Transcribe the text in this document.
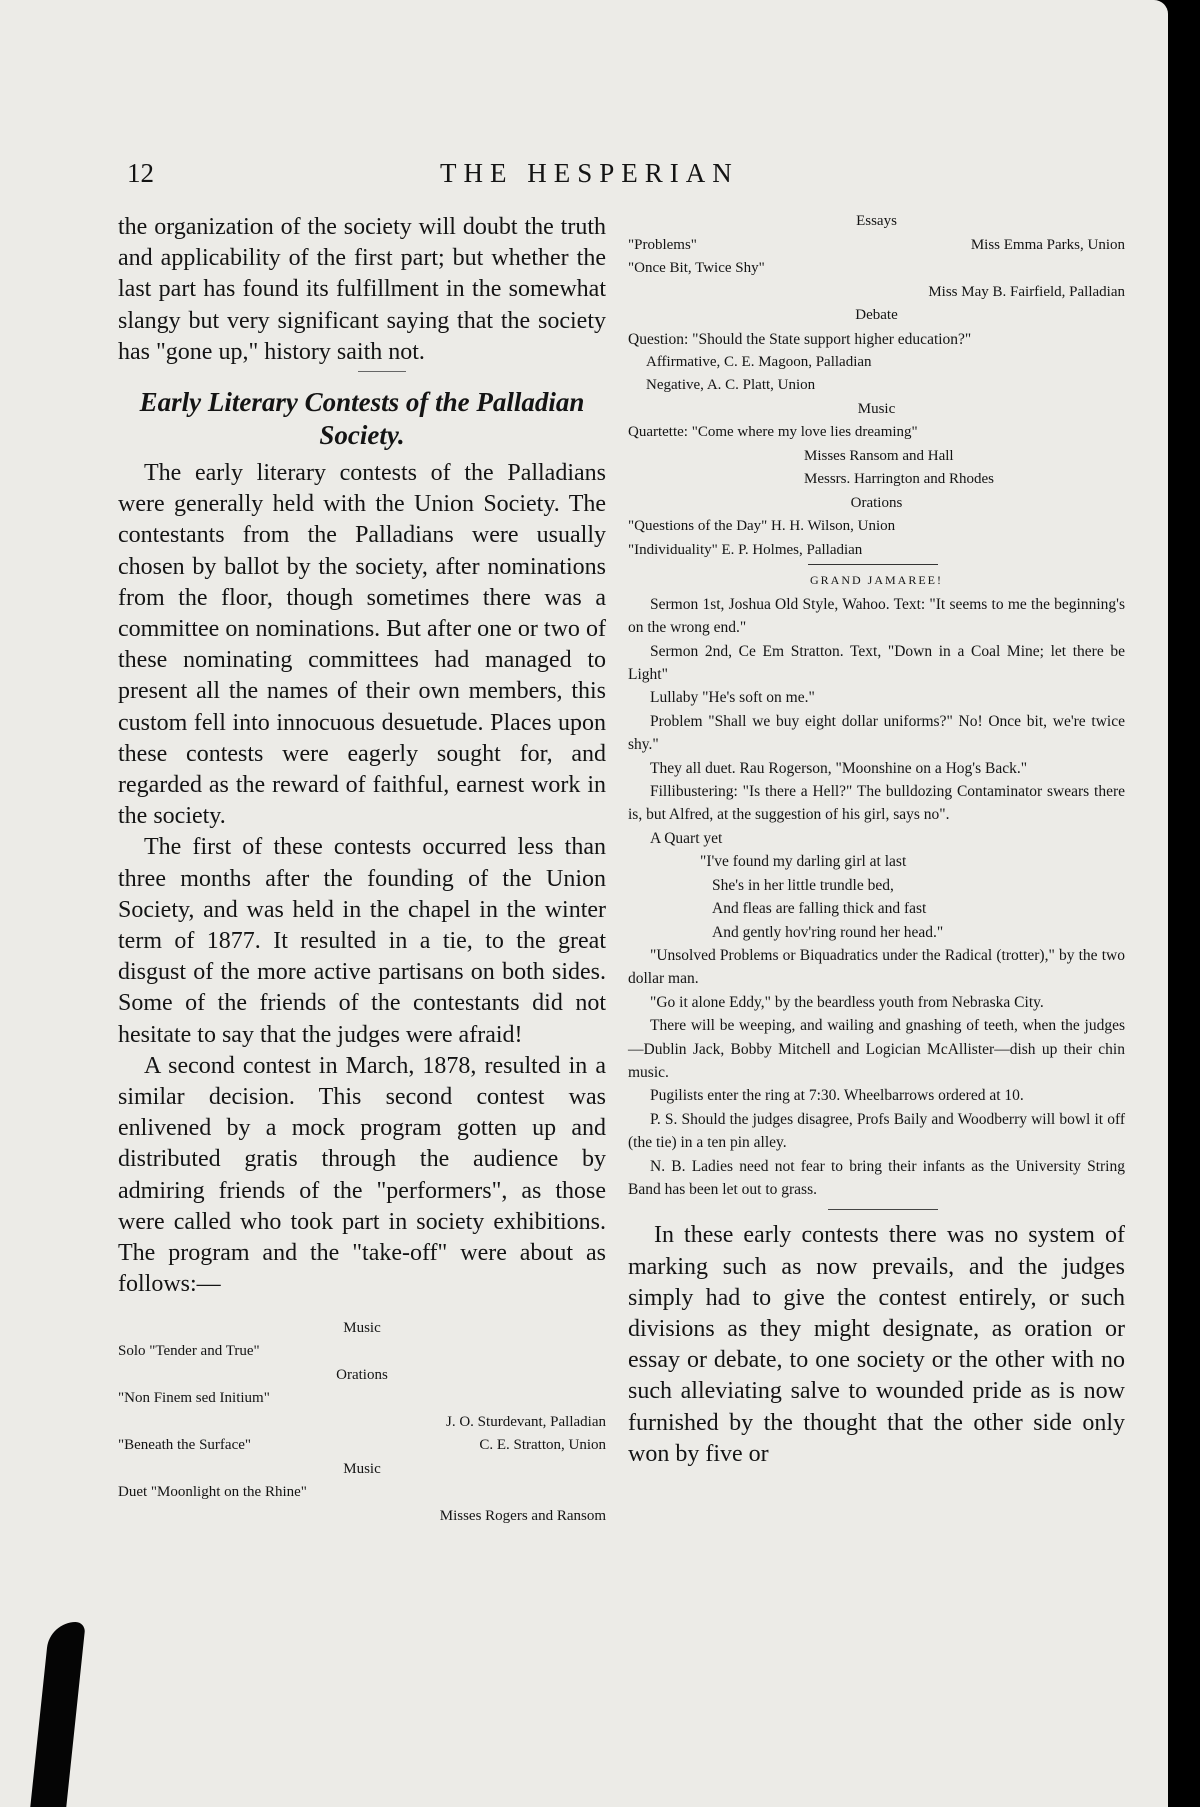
12	THE HESPERIAN

the organization of the society will doubt the truth and applicability of the first part; but whether the last part has found its fulfillment in the somewhat slangy but very significant saying that the society has "gone up," history saith not.

Early Literary Contests of the Palladian Society.

The early literary contests of the Palladians were generally held with the Union Society. The contestants from the Palladians were usually chosen by ballot by the society, after nominations from the floor, though sometimes there was a committee on nominations. But after one or two of these nominating committees had managed to present all the names of their own members, this custom fell into innocuous desuetude. Places upon these contests were eagerly sought for, and regarded as the reward of faithful, earnest work in the society.

The first of these contests occurred less than three months after the founding of the Union Society, and was held in the chapel in the winter term of 1877. It resulted in a tie, to the great disgust of the more active partisans on both sides. Some of the friends of the contestants did not hesitate to say that the judges were afraid!

A second contest in March, 1878, resulted in a similar decision. This second contest was enlivened by a mock program gotten up and distributed gratis through the audience by admiring friends of the "performers", as those were called who took part in society exhibitions. The program and the "take-off" were about as follows:—

Music

Solo "Tender and True"

Orations

"Non Finem sed Initium"

J. O. Sturdevant, Palladian

"Beneath the Surface"	C. E. Stratton, Union

Music

Duet "Moonlight on the Rhine"

Misses Rogers and Ransom

Essays

"Problems"	Miss Emma Parks, Union

"Once Bit, Twice Shy"

Miss May B. Fairfield, Palladian

Debate

Question: "Should the State support higher education?"

Affirmative, C. E. Magoon, Palladian

Negative, A. C. Platt, Union

Music

Quartette: "Come where my love lies dreaming"

Misses Ransom and Hall

Messrs. Harrington and Rhodes

Orations

"Questions of the Day" H. H. Wilson, Union

"Individuality" E. P. Holmes, Palladian

GRAND JAMAREE!

Sermon 1st, Joshua Old Style, Wahoo. Text: "It seems to me the beginning's on the wrong end."

Sermon 2nd, Ce Em Stratton. Text, "Down in a Coal Mine; let there be Light"

Lullaby "He's soft on me."

Problem "Shall we buy eight dollar uniforms?" No! Once bit, we're twice shy."

They all duet. Rau Rogerson, "Moonshine on a Hog's Back."

Fillibustering: "Is there a Hell?" The bulldozing Contaminator swears there is, but Alfred, at the suggestion of his girl, says no".

A Quart yet

"I've found my darling girl at last

She's in her little trundle bed,

And fleas are falling thick and fast

And gently hov'ring round her head."

"Unsolved Problems or Biquadratics under the Radical (trotter)," by the two dollar man.

"Go it alone Eddy," by the beardless youth from Nebraska City.

There will be weeping, and wailing and gnashing of teeth, when the judges—Dublin Jack, Bobby Mitchell and Logician McAllister—dish up their chin music.

Pugilists enter the ring at 7:30. Wheelbarrows ordered at 10.

P. S. Should the judges disagree, Profs Baily and Woodberry will bowl it off (the tie) in a ten pin alley.

N. B. Ladies need not fear to bring their infants as the University String Band has been let out to grass.

In these early contests there was no system of marking such as now prevails, and the judges simply had to give the contest entirely, or such divisions as they might designate, as oration or essay or debate, to one society or the other with no such alleviating salve to wounded pride as is now furnished by the thought that the other side only won by five or
